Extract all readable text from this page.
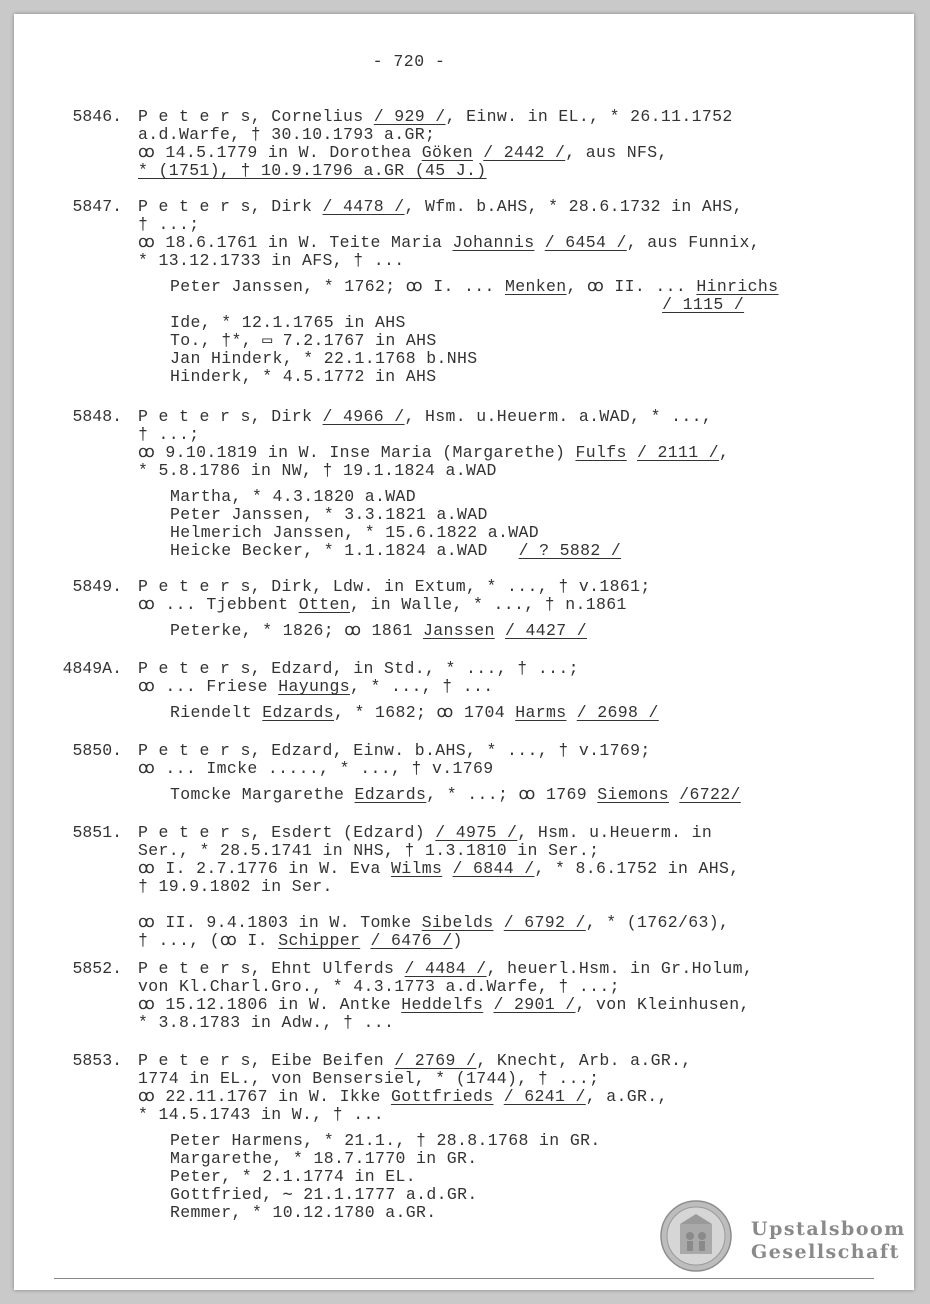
- 720 -
5846. P e t e r s, Cornelius / 929 /, Einw. in EL., * 26.11.1752
a.d.Warfe, † 30.10.1793 a.GR;
ꝏ 14.5.1779 in W. Dorothea Göken / 2442 /, aus NFS,
* (1751), † 10.9.1796 a.GR (45 J.)
5847. P e t e r s, Dirk / 4478 /, Wfm. b.AHS, * 28.6.1732 in AHS,
† ...;
ꝏ 18.6.1761 in W. Teite Maria Johannis / 6454 /, aus Funnix,
* 13.12.1733 in AFS, † ...
Peter Janssen, * 1762; ꝏ I. ... Menken, ꝏ II. ... Hinrichs
/ 1115 /
Ide, * 12.1.1765 in AHS
To., †*, ▭ 7.2.1767 in AHS
Jan Hinderk, * 22.1.1768 b.NHS
Hinderk, * 4.5.1772 in AHS
5848. P e t e r s, Dirk / 4966 /, Hsm. u.Heuerm. a.WAD, * ...,
† ...;
ꝏ 9.10.1819 in W. Inse Maria (Margarethe) Fulfs / 2111 /,
* 5.8.1786 in NW, † 19.1.1824 a.WAD
Martha, * 4.3.1820 a.WAD
Peter Janssen, * 3.3.1821 a.WAD
Helmerich Janssen, * 15.6.1822 a.WAD
Heicke Becker, * 1.1.1824 a.WAD   / ? 5882 /
5849. P e t e r s, Dirk, Ldw. in Extum, * ..., † v.1861;
ꝏ ... Tjebbent Otten, in Walle, * ..., † n.1861
Peterke, * 1826; ꝏ 1861 Janssen / 4427 /
4849A. P e t e r s, Edzard, in Std., * ..., † ...;
ꝏ ... Friese Hayungs, * ..., † ...
Riendelt Edzards, * 1682; ꝏ 1704 Harms / 2698 /
5850. P e t e r s, Edzard, Einw. b.AHS, * ..., † v.1769;
ꝏ ... Imcke ....., * ..., † v.1769
Tomcke Margarethe Edzards, * ...; ꝏ 1769 Siemons /6722/
5851. P e t e r s, Esdert (Edzard) / 4975 /, Hsm. u.Heuerm. in
Ser., * 28.5.1741 in NHS, † 1.3.1810 in Ser.;
ꝏ I. 2.7.1776 in W. Eva Wilms / 6844 /, * 8.6.1752 in AHS,
† 19.9.1802 in Ser.
ꝏ II. 9.4.1803 in W. Tomke Sibelds / 6792 /, * (1762/63),
† ..., (ꝏ I. Schipper / 6476 /)
5852. P e t e r s, Ehnt Ulferds / 4484 /, heuerl.Hsm. in Gr.Holum,
von Kl.Charl.Gro., * 4.3.1773 a.d.Warfe, † ...;
ꝏ 15.12.1806 in W. Antke Heddelfs / 2901 /, von Kleinhusen,
* 3.8.1783 in Adw., † ...
5853. P e t e r s, Eibe Beifen / 2769 /, Knecht, Arb. a.GR.,
1774 in EL., von Bensersiel, * (1744), † ...;
ꝏ 22.11.1767 in W. Ikke Gottfrieds / 6241 /, a.GR.,
* 14.5.1743 in W., † ...
Peter Harmens, * 21.1., † 28.8.1768 in GR.
Margarethe, * 18.7.1770 in GR.
Peter, * 2.1.1774 in EL.
Gottfried, ∼ 21.1.1777 a.d.GR.
Remmer, * 10.12.1780 a.GR.
Upstalsboom
Gesellschaft
